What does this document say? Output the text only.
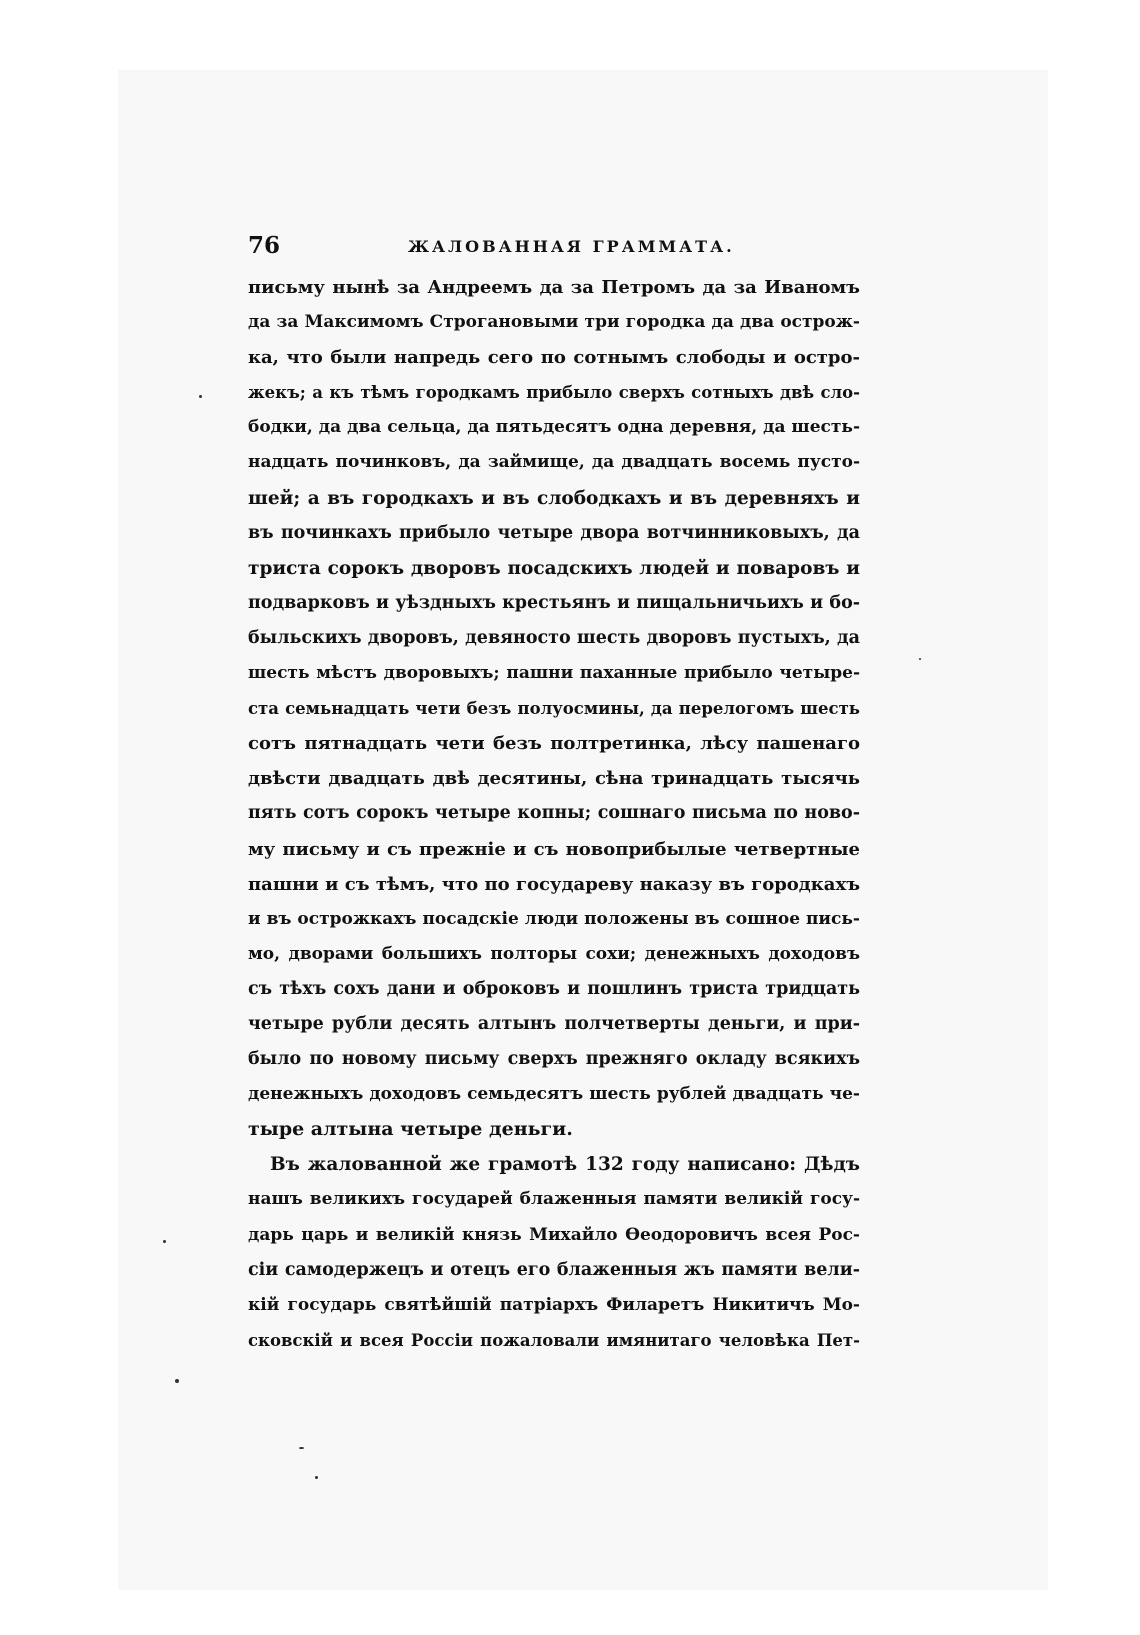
76	ЖАЛОВАННАЯ ГРАММАТА.
письму нынѣ за Андреемъ да за Петромъ да за Иваномъ
да за Максимомъ Строгановыми три городка да два острож-
ка, что были напредь сего по сотнымъ слободы и остро-
жекъ; а къ тѣмъ городкамъ прибыло сверхъ сотныхъ двѣ сло-
бодки, да два сельца, да пятьдесятъ одна деревня, да шесть-
надцать починковъ, да займище, да двадцать восемь пусто-
шей; а въ городкахъ и въ слободкахъ и въ деревняхъ и
въ починкахъ прибыло четыре двора вотчинниковыхъ, да
триста сорокъ дворовъ посадскихъ людей и поваровъ и
подварковъ и уѣздныхъ крестьянъ и пищальничьихъ и бо-
быльскихъ дворовъ, девяносто шесть дворовъ пустыхъ, да
шесть мѣстъ дворовыхъ; пашни паханные прибыло четыре-
ста семьнадцать чети безъ полуосмины, да перелогомъ шесть
сотъ пятнадцать чети безъ полтретинка, лѣсу пашенаго
двѣсти двадцать двѣ десятины, сѣна тринадцать тысячь
пять сотъ сорокъ четыре копны; сошнаго письма по ново-
му письму и съ прежніе и съ новоприбылые четвертные
пашни и съ тѣмъ, что по государеву наказу въ городкахъ
и въ острожкахъ посадскіе люди положены въ сошное пись-
мо, дворами большихъ полторы сохи; денежныхъ доходовъ
съ тѣхъ сохъ дани и оброковъ и пошлинъ триста тридцать
четыре рубли десять алтынъ полчетверты деньги, и при-
было по новому письму сверхъ прежняго окладу всякихъ
денежныхъ доходовъ семьдесятъ шесть рублей двадцать че-
тыре алтына четыре деньги.
Въ жалованной же грамотѣ 132 году написано: Дѣдъ
нашъ великихъ государей блаженныя памяти великій госу-
дарь царь и великій князь Михайло Ѳеодоровичъ всея Рос-
сіи самодержецъ и отецъ его блаженныя жъ памяти вели-
кій государь святѣйшій патріархъ Филаретъ Никитичъ Мо-
сковскій и всея Россіи пожаловали имянитаго человѣка Пет-
